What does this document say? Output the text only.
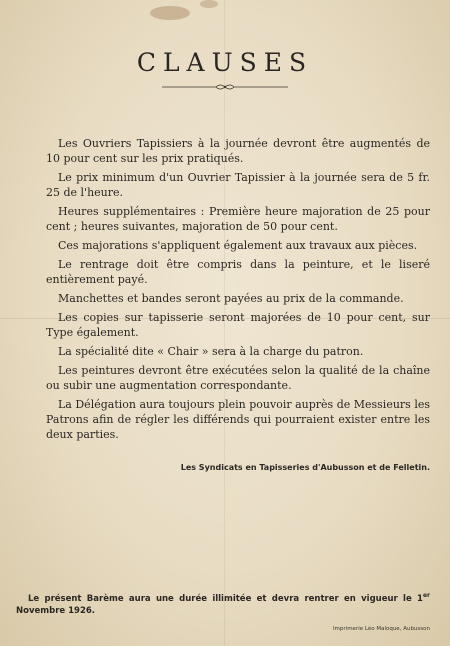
CLAUSES

Les Ouvriers Tapissiers à la journée devront être augmentés de 10 pour cent sur les prix pratiqués.

Le prix minimum d'un Ouvrier Tapissier à la journée sera de 5 fr. 25 de l'heure.

Heures supplémentaires : Première heure majoration de 25 pour cent ; heures suivantes, majoration de 50 pour cent.

Ces majorations s'appliquent également aux travaux aux pièces.

Le rentrage doit être compris dans la peinture, et le liseré entièrement payé.

Manchettes et bandes seront payées au prix de la commande.

Les copies sur tapisserie seront majorées de 10 pour cent, sur Type également.

La spécialité dite « Chair » sera à la charge du patron.

Les peintures devront être exécutées selon la qualité de la chaîne ou subir une augmentation correspondante.

La Délégation aura toujours plein pouvoir auprès de Messieurs les Patrons afin de régler les différends qui pourraient exister entre les deux parties.

Les Syndicats en Tapisseries d'Aubusson et de Felletin.
Le présent Barème aura une durée illimitée et devra rentrer en vigueur le 1er Novembre 1926.
Imprimerie Léo Maloque, Aubusson
